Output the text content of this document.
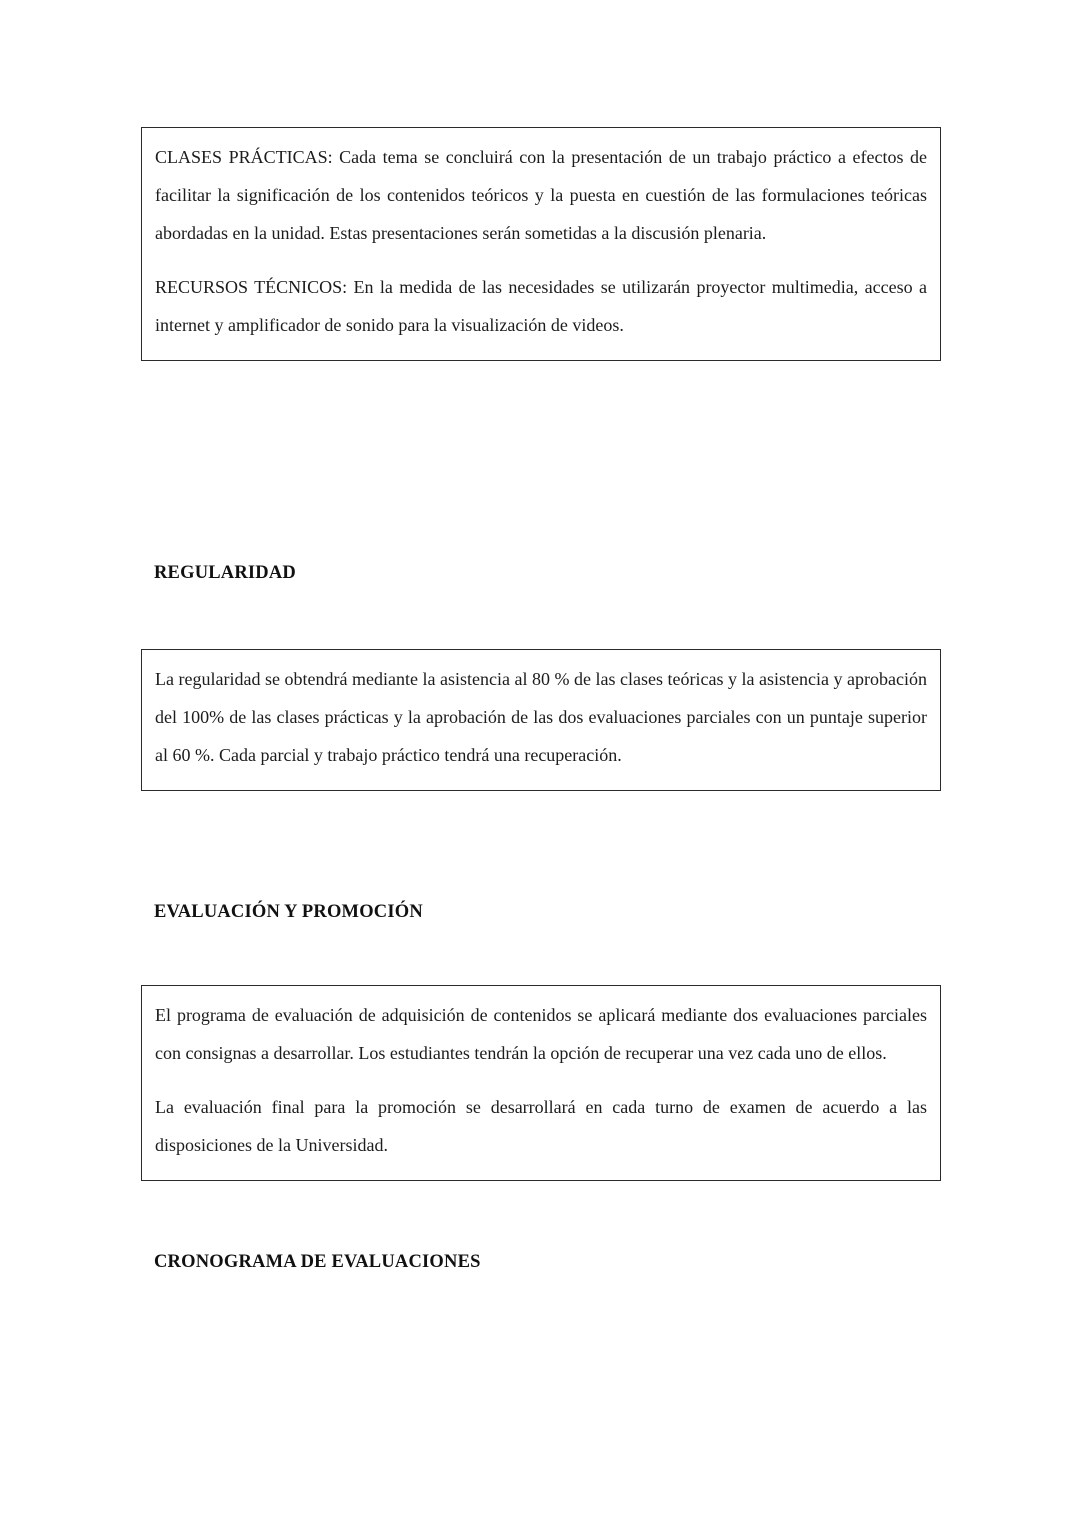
CLASES PRÁCTICAS: Cada tema se concluirá con la presentación de un trabajo práctico a efectos de facilitar la significación de los contenidos teóricos y la puesta en cuestión de las formulaciones teóricas abordadas en la unidad. Estas presentaciones serán sometidas a la discusión plenaria.

RECURSOS TÉCNICOS: En la medida de las necesidades se utilizarán proyector multimedia, acceso a internet y amplificador de sonido para la visualización de videos.

REGULARIDAD

La regularidad se obtendrá mediante la asistencia al 80 % de las clases teóricas y la asistencia y aprobación del 100% de las clases prácticas y la aprobación de las dos evaluaciones parciales con un puntaje superior al 60 %. Cada parcial y trabajo práctico tendrá una recuperación.

EVALUACIÓN Y PROMOCIÓN

El programa de evaluación de adquisición de contenidos se aplicará mediante dos evaluaciones parciales con consignas a desarrollar. Los estudiantes tendrán la opción de recuperar una vez cada uno de ellos.

La evaluación final para la promoción se desarrollará en cada turno de examen de acuerdo a las disposiciones de la Universidad.

CRONOGRAMA DE EVALUACIONES
